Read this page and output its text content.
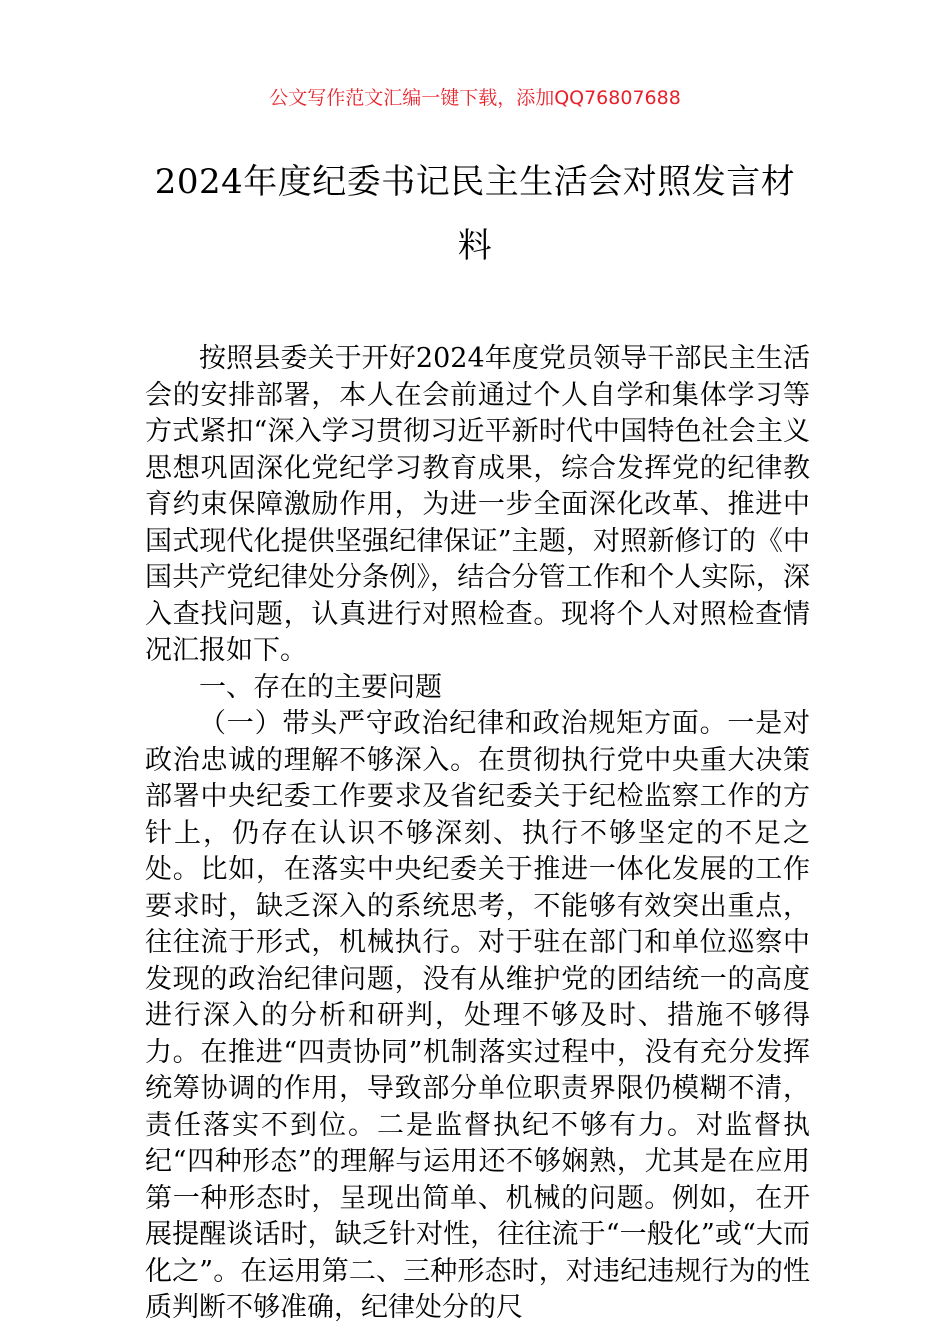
公文写作范文汇编一键下载，添加QQ76807688
2024年度纪委书记民主生活会对照发言材料

按照县委关于开好2024年度党员领导干部民主生活会的安排部署，本人在会前通过个人自学和集体学习等方式紧扣“深入学习贯彻习近平新时代中国特色社会主义思想巩固深化党纪学习教育成果，综合发挥党的纪律教育约束保障激励作用，为进一步全面深化改革、推进中国式现代化提供坚强纪律保证”主题，对照新修订的《中国共产党纪律处分条例》，结合分管工作和个人实际，深入查找问题，认真进行对照检查。现将个人对照检查情况汇报如下。

一、存在的主要问题

（一）带头严守政治纪律和政治规矩方面。一是对政治忠诚的理解不够深入。在贯彻执行党中央重大决策部署中央纪委工作要求及省纪委关于纪检监察工作的方针上，仍存在认识不够深刻、执行不够坚定的不足之处。比如，在落实中央纪委关于推进一体化发展的工作要求时，缺乏深入的系统思考，不能够有效突出重点，往往流于形式，机械执行。对于驻在部门和单位巡察中发现的政治纪律问题，没有从维护党的团结统一的高度进行深入的分析和研判，处理不够及时、措施不够得力。在推进“四责协同”机制落实过程中，没有充分发挥统筹协调的作用，导致部分单位职责界限仍模糊不清，责任落实不到位。二是监督执纪不够有力。对监督执纪“四种形态”的理解与运用还不够娴熟，尤其是在应用第一种形态时，呈现出简单、机械的问题。例如，在开展提醒谈话时，缺乏针对性，往往流于“一般化”或“大而化之”。在运用第二、三种形态时，对违纪违规行为的性质判断不够准确，纪律处分的尺
